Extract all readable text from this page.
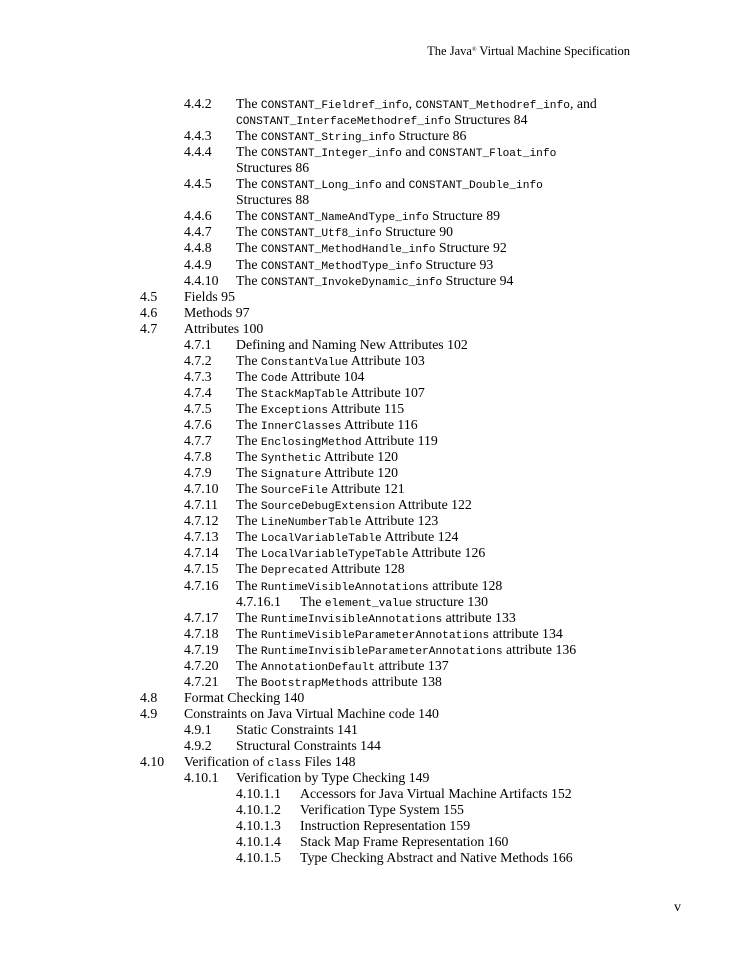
The Java® Virtual Machine Specification
4.4.2 The CONSTANT_Fieldref_info, CONSTANT_Methodref_info, and
CONSTANT_InterfaceMethodref_info Structures 84
4.4.3 The CONSTANT_String_info Structure 86
4.4.4 The CONSTANT_Integer_info and CONSTANT_Float_info
Structures 86
4.4.5 The CONSTANT_Long_info and CONSTANT_Double_info
Structures 88
4.4.6 The CONSTANT_NameAndType_info Structure 89
4.4.7 The CONSTANT_Utf8_info Structure 90
4.4.8 The CONSTANT_MethodHandle_info Structure 92
4.4.9 The CONSTANT_MethodType_info Structure 93
4.4.10 The CONSTANT_InvokeDynamic_info Structure 94
4.5 Fields 95
4.6 Methods 97
4.7 Attributes 100
4.7.1 Defining and Naming New Attributes 102
4.7.2 The ConstantValue Attribute 103
4.7.3 The Code Attribute 104
4.7.4 The StackMapTable Attribute 107
4.7.5 The Exceptions Attribute 115
4.7.6 The InnerClasses Attribute 116
4.7.7 The EnclosingMethod Attribute 119
4.7.8 The Synthetic Attribute 120
4.7.9 The Signature Attribute 120
4.7.10 The SourceFile Attribute 121
4.7.11 The SourceDebugExtension Attribute 122
4.7.12 The LineNumberTable Attribute 123
4.7.13 The LocalVariableTable Attribute 124
4.7.14 The LocalVariableTypeTable Attribute 126
4.7.15 The Deprecated Attribute 128
4.7.16 The RuntimeVisibleAnnotations attribute 128
4.7.16.1 The element_value structure 130
4.7.17 The RuntimeInvisibleAnnotations attribute 133
4.7.18 The RuntimeVisibleParameterAnnotations attribute 134
4.7.19 The RuntimeInvisibleParameterAnnotations attribute 136
4.7.20 The AnnotationDefault attribute 137
4.7.21 The BootstrapMethods attribute 138
4.8 Format Checking 140
4.9 Constraints on Java Virtual Machine code 140
4.9.1 Static Constraints 141
4.9.2 Structural Constraints 144
4.10 Verification of class Files 148
4.10.1 Verification by Type Checking 149
4.10.1.1 Accessors for Java Virtual Machine Artifacts 152
4.10.1.2 Verification Type System 155
4.10.1.3 Instruction Representation 159
4.10.1.4 Stack Map Frame Representation 160
4.10.1.5 Type Checking Abstract and Native Methods 166
v
